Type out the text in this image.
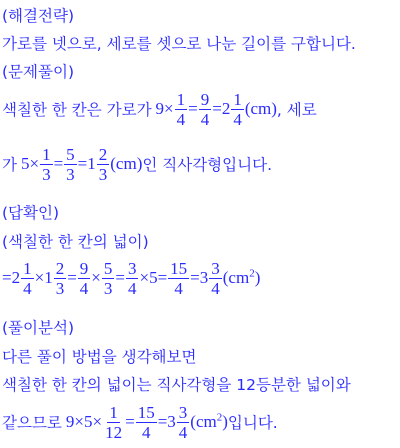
(해결전략)
가로를 넷으로, 세로를 셋으로 나눈 길이를 구합니다.
(문제풀이)
색칠한 한 칸은 가로가 $9 \times \frac{1}{4} = \frac{9}{4} = 2 \frac{1}{4} (cm)$ , 세로
가 $5 \times \frac{1}{3} = \frac{5}{3} = 1 \frac{2}{3} (cm)$ 인 직사각형입니다.
(답확인)
(색칠한 한 칸의 넓이)
= $2 \frac{1}{4} \times 1 \frac{2}{3} = \frac{9}{4} \times \frac{5}{3} = \frac{3}{4} \times 5 = \frac{15}{4} = 3 \frac{3}{4} (cm^2)$
(풀이분석)
다른 풀이 방법을 생각해보면
색칠한 한 칸의 넓이는 직사각형을 12등분한 넓이와
같으므로 $9 \times 5 \times \frac{1}{12} = \frac{15}{4} = 3 \frac{3}{4} (cm^2)$ 입니다.
